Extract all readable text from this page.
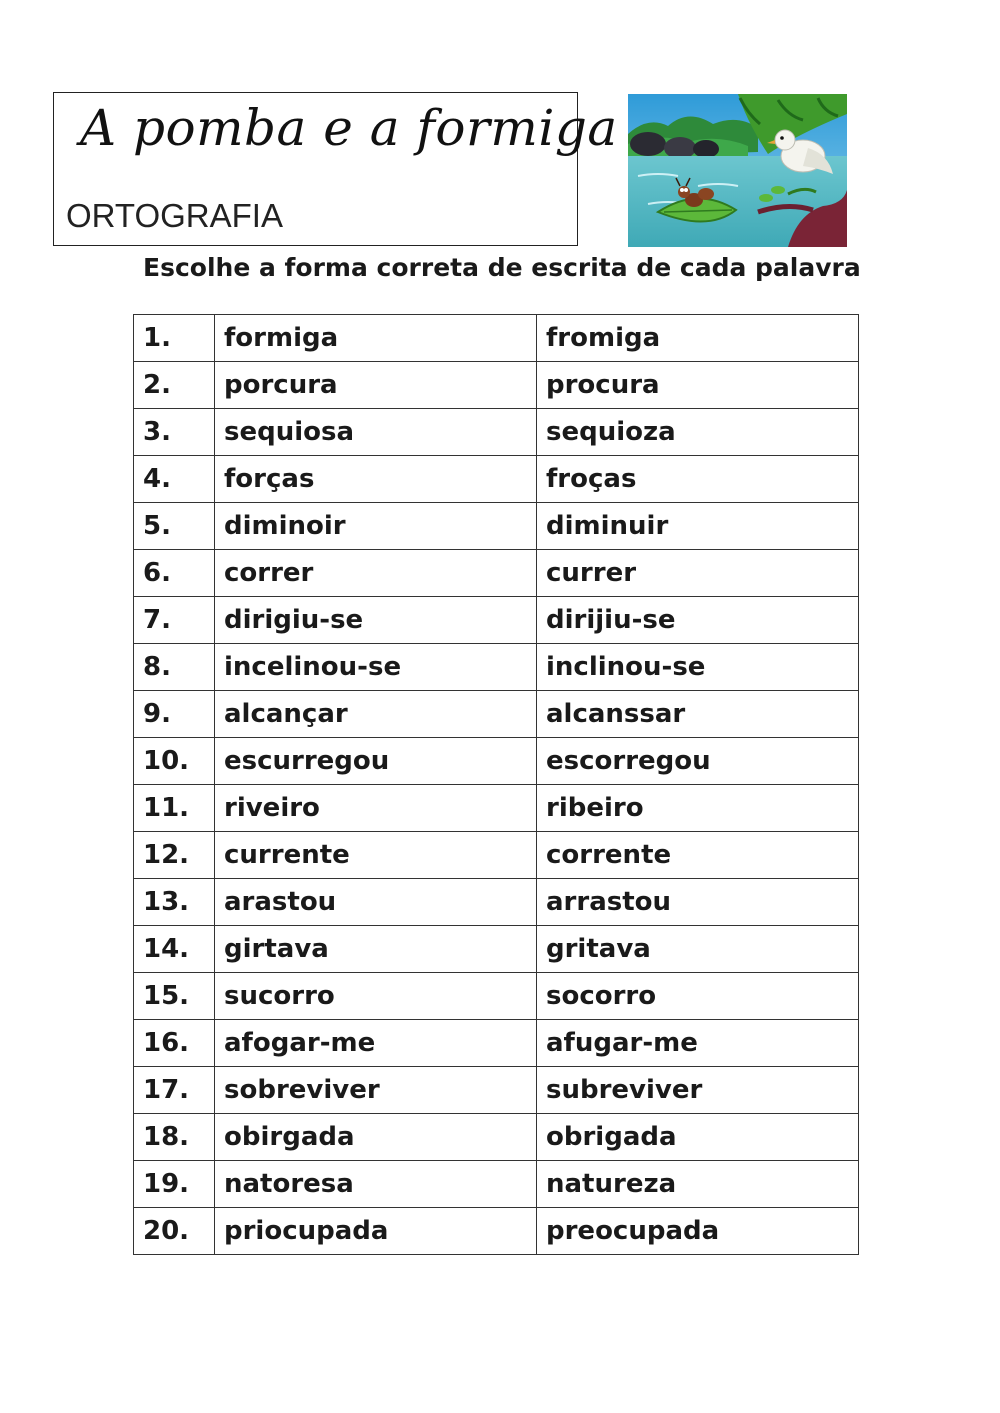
A pomba e a formiga
ORTOGRAFIA
Escolhe a forma correta de escrita de cada palavra
1.	formiga	fromiga
2.	porcura	procura
3.	sequiosa	sequioza
4.	forças	froças
5.	diminoir	diminuir
6.	correr	currer
7.	dirigiu-se	dirijiu-se
8.	incelinou-se	inclinou-se
9.	alcançar	alcanssar
10.	escurregou	escorregou
11.	riveiro	ribeiro
12.	currente	corrente
13.	arastou	arrastou
14.	girtava	gritava
15.	sucorro	socorro
16.	afogar-me	afugar-me
17.	sobreviver	subreviver
18.	obirgada	obrigada
19.	natoresa	natureza
20.	priocupada	preocupada
